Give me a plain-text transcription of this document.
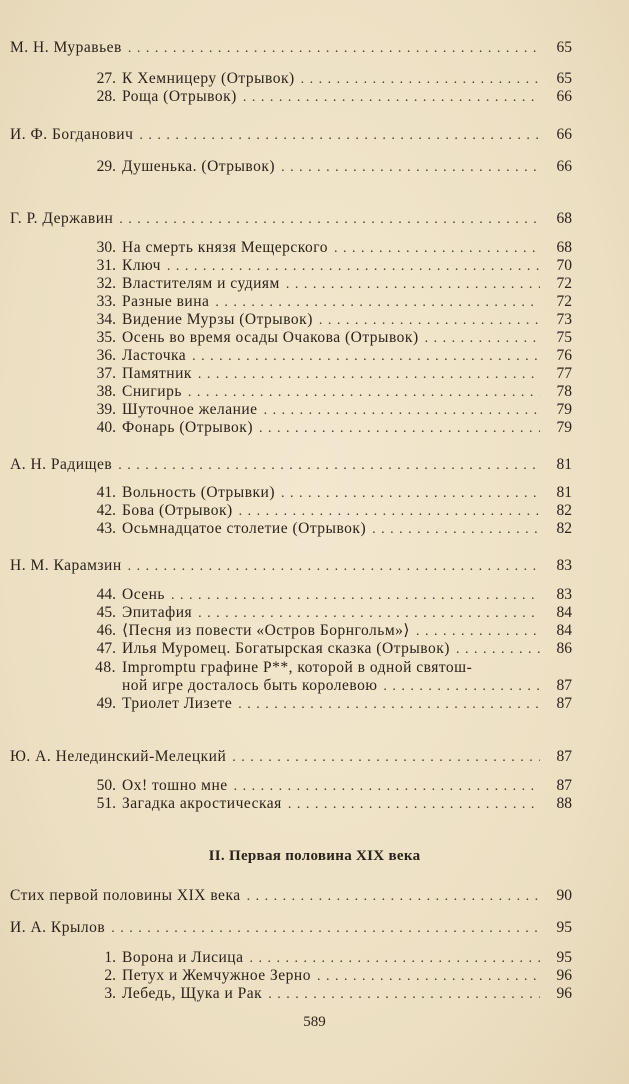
М. Н. Муравьев . . .	65
27. К Хемницеру (Отрывок) . . .	65
28. Роща (Отрывок) . . .	66
И. Ф. Богданович . . .	66
29. Душенька. (Отрывок) . . .	66
Г. Р. Державин . . .	68
30. На смерть князя Мещерского . . .	68
31. Ключ . . .	70
32. Властителям и судиям . . .	72
33. Разные вина . . .	72
34. Видение Мурзы (Отрывок) . . .	73
35. Осень во время осады Очакова (Отрывок) . . .	75
36. Ласточка . . .	76
37. Памятник . . .	77
38. Снигирь . . .	78
39. Шуточное желание . . .	79
40. Фонарь (Отрывок) . . .	79
А. Н. Радищев . . .	81
41. Вольность (Отрывки) . . .	81
42. Бова (Отрывок) . . .	82
43. Осьмнадцатое столетие (Отрывок) . . .	82
Н. М. Карамзин . . .	83
44. Осень . . .	83
45. Эпитафия . . .	84
46. ⟨Песня из повести «Остров Борнгольм»⟩ . . .	84
47. Илья Муромец. Богатырская сказка (Отрывок) . . .	86
48. Impromptu графине Р**, которой в одной святош-
ной игре досталось быть королевою . . .	87
49. Триолет Лизете . . .	87
Ю. А. Нелединский-Мелецкий . . .	87
50. Ох! тошно мне . . .	87
51. Загадка акростическая . . .	88
II. Первая половина XIX века
Стих первой половины XIX века . . .	90
И. А. Крылов . . .	95
1. Ворона и Лисица . . .	95
2. Петух и Жемчужное Зерно . . .	96
3. Лебедь, Щука и Рак . . .	96
589
